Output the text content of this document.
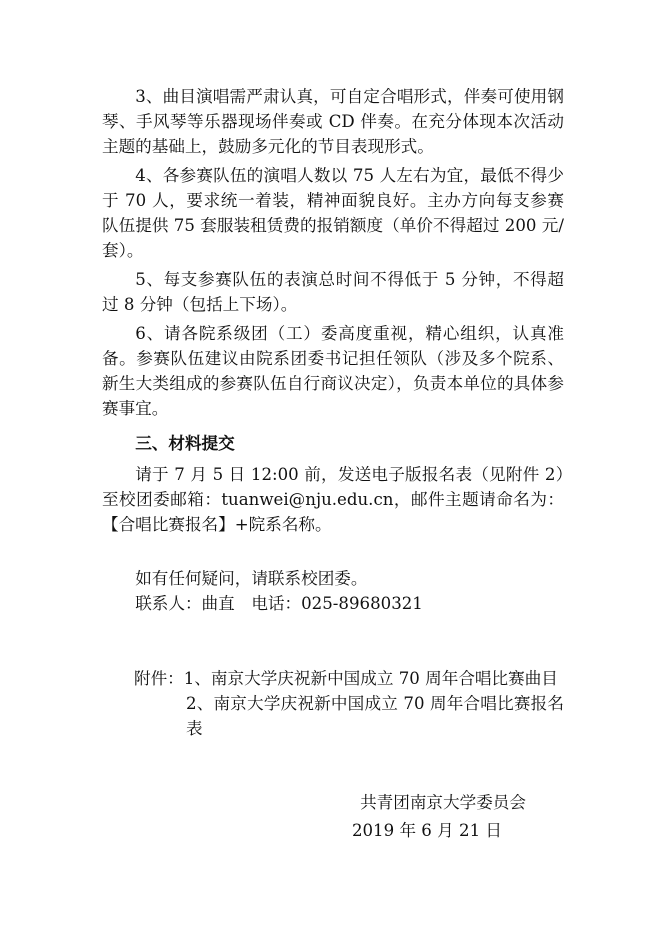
3、曲目演唱需严肃认真，可自定合唱形式，伴奏可使用钢琴、手风琴等乐器现场伴奏或 CD 伴奏。在充分体现本次活动主题的基础上，鼓励多元化的节目表现形式。

4、各参赛队伍的演唱人数以 75 人左右为宜，最低不得少于 70 人，要求统一着装，精神面貌良好。主办方向每支参赛队伍提供 75 套服装租赁费的报销额度（单价不得超过 200 元/套）。

5、每支参赛队伍的表演总时间不得低于 5 分钟，不得超过 8 分钟（包括上下场）。

6、请各院系级团（工）委高度重视，精心组织，认真准备。参赛队伍建议由院系团委书记担任领队（涉及多个院系、新生大类组成的参赛队伍自行商议决定），负责本单位的具体参赛事宜。

三、材料提交

请于 7 月 5 日 12:00 前，发送电子版报名表（见附件 2）至校团委邮箱：tuanwei@nju.edu.cn，邮件主题请命名为：【合唱比赛报名】+院系名称。

如有任何疑问，请联系校团委。

联系人：曲直　电话：025-89680321

附件：1、南京大学庆祝新中国成立 70 周年合唱比赛曲目

2、南京大学庆祝新中国成立 70 周年合唱比赛报名表

共青团南京大学委员会
2019 年 6 月 21 日
